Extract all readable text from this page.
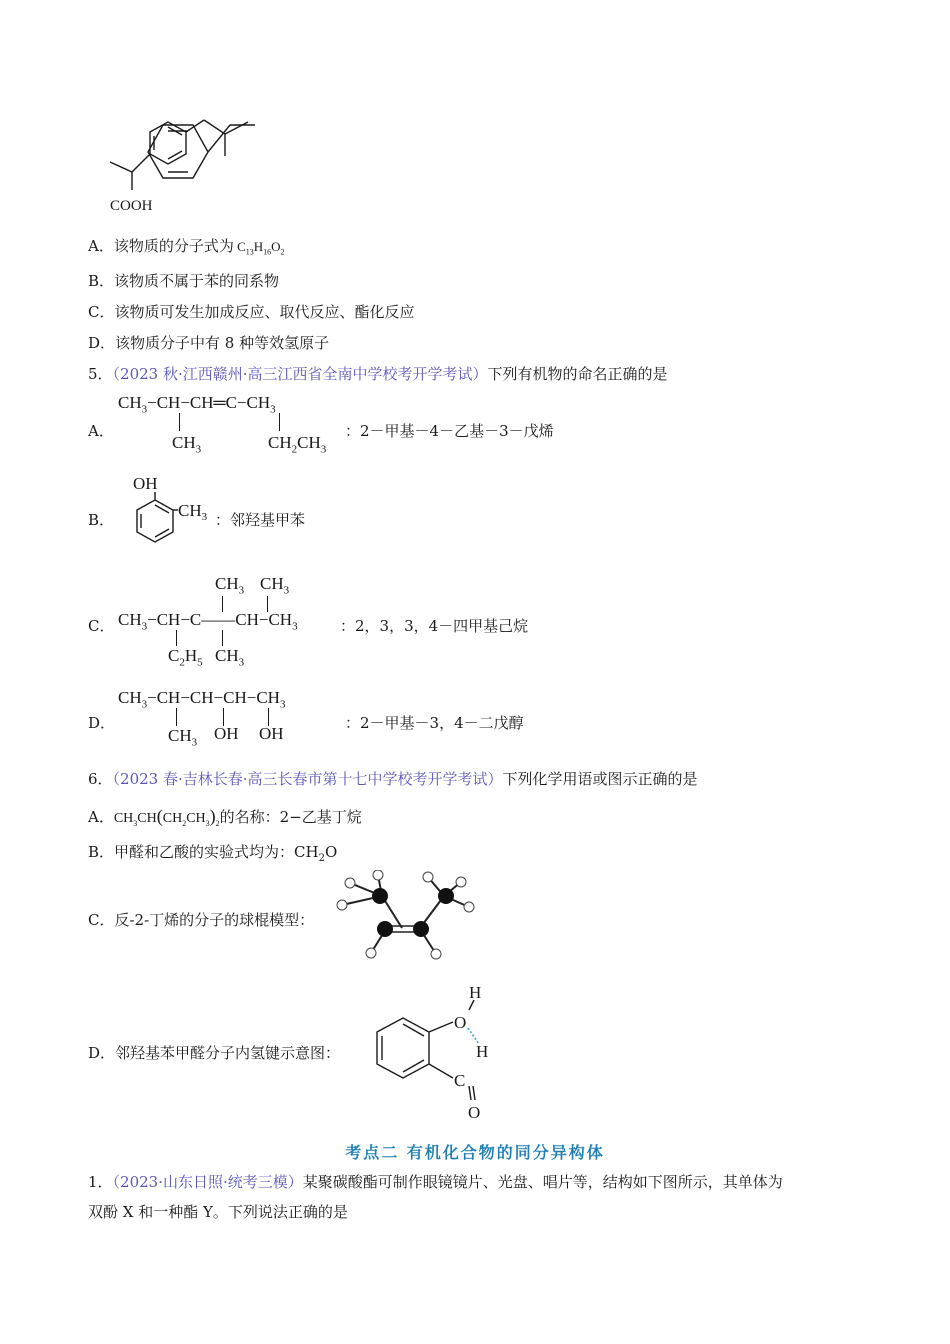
COOH
A．该物质的分子式为 $C_{13}H_{16}O_2$
B．该物质不属于苯的同系物
C．该物质可发生加成反应、取代反应、酯化反应
D．该物质分子中有 8 种等效氢原子
5．（2023 秋·江西赣州·高三江西省全南中学校考开学考试）下列有机物的命名正确的是
A．
$CH_3-CH-CH═C-CH_3$
$CH_3$	$CH_2CH_3$
：2－甲基－4－乙基－3－戊烯
B．
OH
$CH_3$ ：邻羟基甲苯
C．
$CH_3$ $CH_3$
$CH_3-CH-C——CH-CH_3$
$C_2H_5$ $CH_3$
：2，3，3，4－四甲基己烷
D．
$CH_3-CH-CH-CH-CH_3$
$CH_3$ OH OH
：2－甲基－3，4－二戊醇
6．（2023 春·吉林长春·高三长春市第十七中学校考开学考试）下列化学用语或图示正确的是
A．$CH_3CH(CH_2CH_3)_2$的名称：2−乙基丁烷
B．甲醛和乙酸的实验式均为：$CH_2O$
C．反-2-丁烯的分子的球棍模型：
D．邻羟基苯甲醛分子内氢键示意图：
H
O
H
C
O
考点二 有机化合物的同分异构体
1．（2023·山东日照·统考三模）某聚碳酸酯可制作眼镜镜片、光盘、唱片等，结构如下图所示，其单体为
双酚 X 和一种酯 Y。下列说法正确的是
